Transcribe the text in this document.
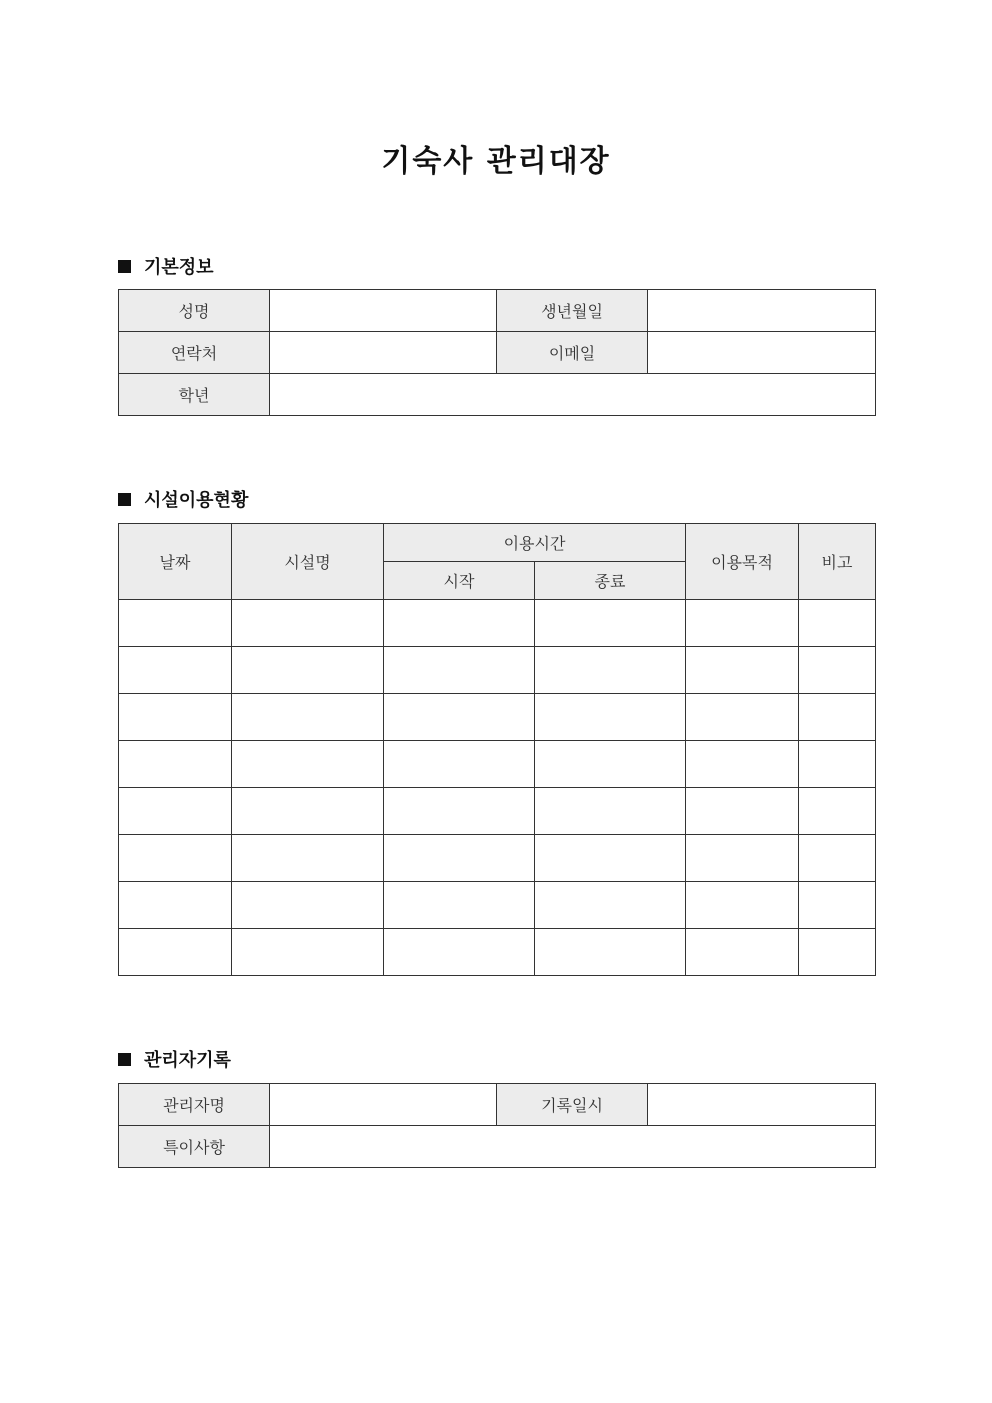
기숙사 관리대장
기본정보
성명		생년월일	
연락처		이메일	
학년			
시설이용현황
날짜	시설명	이용시간		이용목적	비고
		시작	종료		

관리자기록
관리자명		기록일시	
특이사항			
